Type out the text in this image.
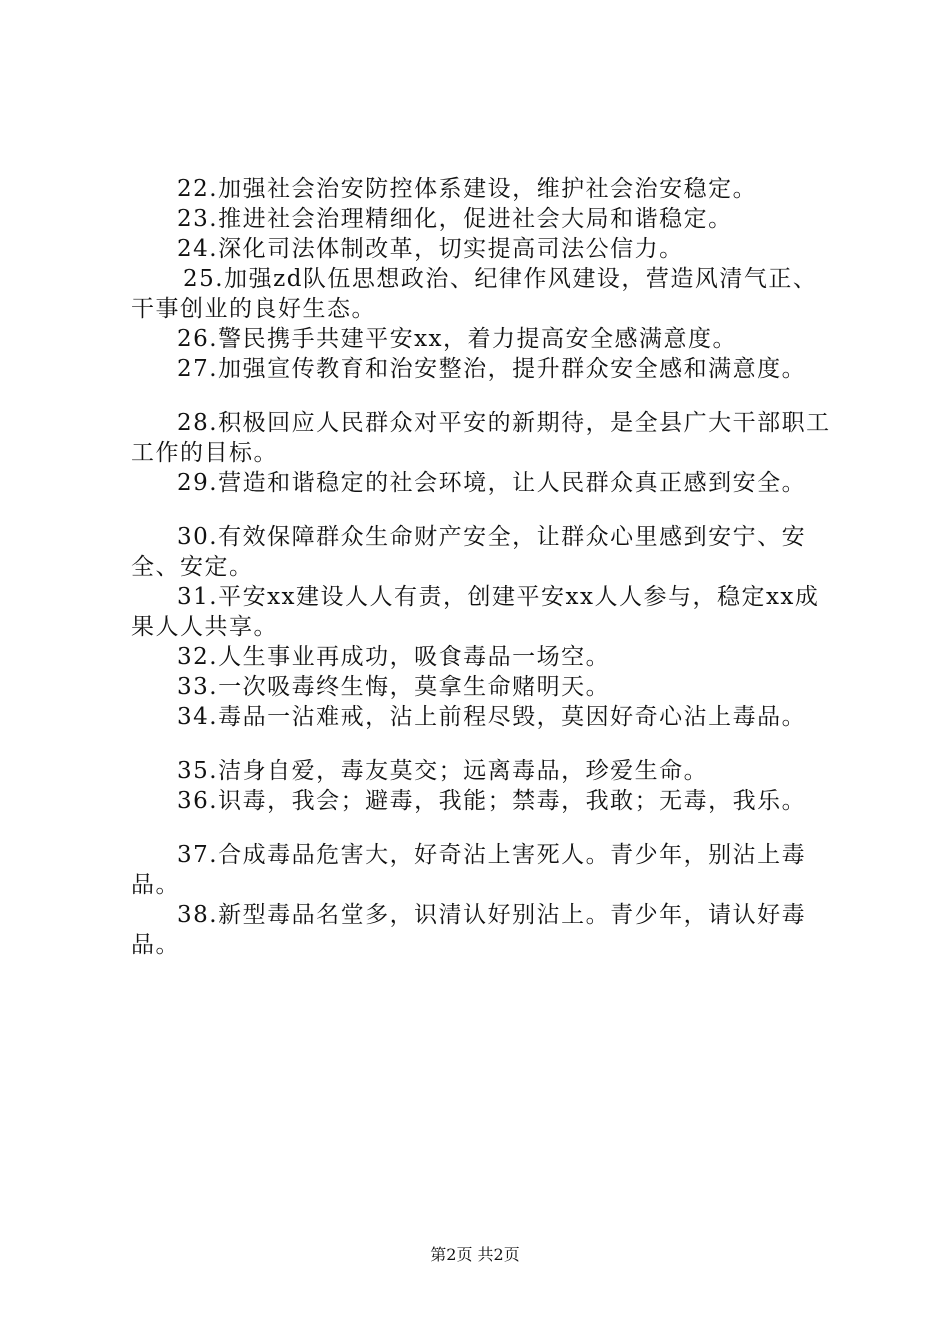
22.加强社会治安防控体系建设，维护社会治安稳定。

23.推进社会治理精细化，促进社会大局和谐稳定。

24.深化司法体制改革，切实提高司法公信力。

25.加强zd队伍思想政治、纪律作风建设，营造风清气正、干事创业的良好生态。

26.警民携手共建平安xx，着力提高安全感满意度。

27.加强宣传教育和治安整治，提升群众安全感和满意度。

28.积极回应人民群众对平安的新期待，是全县广大干部职工工作的目标。

29.营造和谐稳定的社会环境，让人民群众真正感到安全。

30.有效保障群众生命财产安全，让群众心里感到安宁、安全、安定。

31.平安xx建设人人有责，创建平安xx人人参与，稳定xx成果人人共享。

32.人生事业再成功，吸食毒品一场空。

33.一次吸毒终生悔，莫拿生命赌明天。

34.毒品一沾难戒，沾上前程尽毁，莫因好奇心沾上毒品。

35.洁身自爱，毒友莫交；远离毒品，珍爱生命。

36.识毒，我会；避毒，我能；禁毒，我敢；无毒，我乐。

37.合成毒品危害大，好奇沾上害死人。青少年，别沾上毒品。

38.新型毒品名堂多，识清认好别沾上。青少年，请认好毒品。

第2页 共2页
